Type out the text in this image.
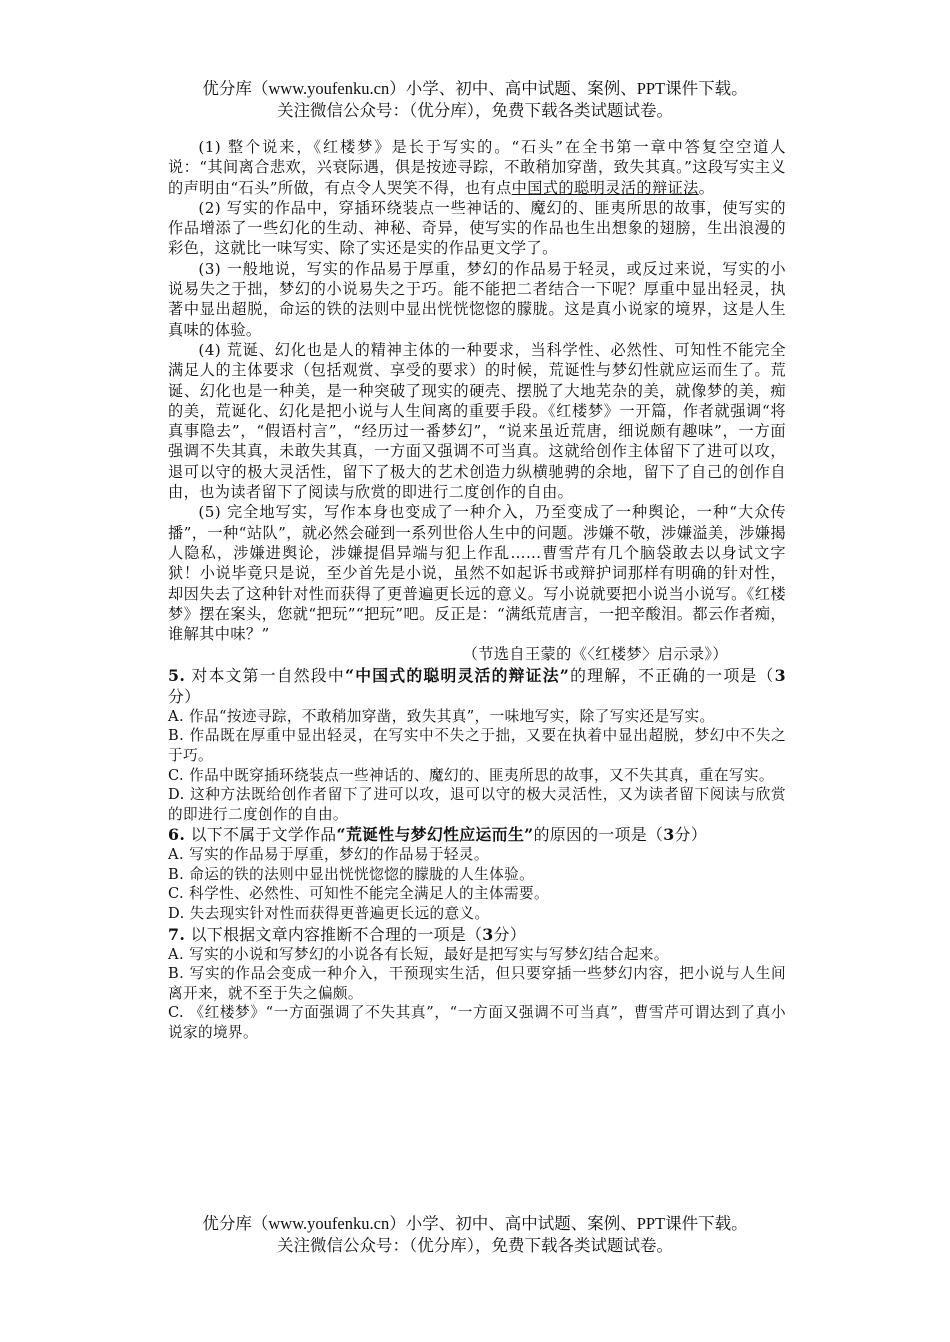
优分库（www.youfenku.cn）小学、初中、高中试题、案例、PPT课件下载。
关注微信公众号：（优分库），免费下载各类试题试卷。

(1) 整个说来，《红楼梦》是长于写实的。“石头”在全书第一章中答复空空道人说：“其间离合悲欢，兴衰际遇，俱是按迹寻踪，不敢稍加穿凿，致失其真。”这段写实主义的声明由“石头”所做，有点令人哭笑不得，也有点中国式的聪明灵活的辩证法。

(2) 写实的作品中，穿插环绕装点一些神话的、魔幻的、匪夷所思的故事，使写实的作品增添了一些幻化的生动、神秘、奇异，使写实的作品也生出想象的翅膀，生出浪漫的彩色，这就比一味写实、除了实还是实的作品更文学了。

(3) 一般地说，写实的作品易于厚重，梦幻的作品易于轻灵，或反过来说，写实的小说易失之于拙，梦幻的小说易失之于巧。能不能把二者结合一下呢？厚重中显出轻灵，执著中显出超脱，命运的铁的法则中显出恍恍惚惚的朦胧。这是真小说家的境界，这是人生真味的体验。

(4) 荒诞、幻化也是人的精神主体的一种要求，当科学性、必然性、可知性不能完全满足人的主体要求（包括观赏、享受的要求）的时候，荒诞性与梦幻性就应运而生了。荒诞、幻化也是一种美，是一种突破了现实的硬壳、摆脱了大地芜杂的美，就像梦的美，痴的美，荒诞化、幻化是把小说与人生间离的重要手段。《红楼梦》一开篇，作者就强调“将真事隐去”，“假语村言”，“经历过一番梦幻”，“说来虽近荒唐，细说颇有趣味”，一方面强调不失其真，未敢失其真，一方面又强调不可当真。这就给创作主体留下了进可以攻，退可以守的极大灵活性，留下了极大的艺术创造力纵横驰骋的余地，留下了自己的创作自由，也为读者留下了阅读与欣赏的即进行二度创作的自由。

(5) 完全地写实，写作本身也变成了一种介入，乃至变成了一种舆论，一种“大众传播”，一种“站队”，就必然会碰到一系列世俗人生中的问题。涉嫌不敬，涉嫌溢美，涉嫌揭人隐私，涉嫌进舆论，涉嫌提倡异端与犯上作乱……曹雪芹有几个脑袋敢去以身试文字狱！小说毕竟只是说，至少首先是小说，虽然不如起诉书或辩护词那样有明确的针对性，却因失去了这种针对性而获得了更普遍更长远的意义。写小说就要把小说当小说写。《红楼梦》摆在案头，您就“把玩”“把玩”吧。反正是：“满纸荒唐言，一把辛酸泪。都云作者痴，谁解其中味？”

（节选自王蒙的《〈红楼梦〉启示录》）

5. 对本文第一自然段中“中国式的聪明灵活的辩证法”的理解，不正确的一项是（3分）

A. 作品“按迹寻踪，不敢稍加穿凿，致失其真”，一味地写实，除了写实还是写实。

B. 作品既在厚重中显出轻灵，在写实中不失之于拙，又要在执着中显出超脱，梦幻中不失之于巧。

C. 作品中既穿插环绕装点一些神话的、魔幻的、匪夷所思的故事，又不失其真，重在写实。

D. 这种方法既给创作者留下了进可以攻，退可以守的极大灵活性，又为读者留下阅读与欣赏的即进行二度创作的自由。

6. 以下不属于文学作品“荒诞性与梦幻性应运而生”的原因的一项是（3分）

A. 写实的作品易于厚重，梦幻的作品易于轻灵。

B. 命运的铁的法则中显出恍恍惚惚的朦胧的人生体验。

C. 科学性、必然性、可知性不能完全满足人的主体需要。

D. 失去现实针对性而获得更普遍更长远的意义。

7. 以下根据文章内容推断不合理的一项是（3分）

A. 写实的小说和写梦幻的小说各有长短，最好是把写实与写梦幻结合起来。

B. 写实的作品会变成一种介入，干预现实生活，但只要穿插一些梦幻内容，把小说与人生间离开来，就不至于失之偏颇。

C. 《红楼梦》“一方面强调了不失其真”，“一方面又强调不可当真”，曹雪芹可谓达到了真小说家的境界。

优分库（www.youfenku.cn）小学、初中、高中试题、案例、PPT课件下载。
关注微信公众号：（优分库），免费下载各类试题试卷。
